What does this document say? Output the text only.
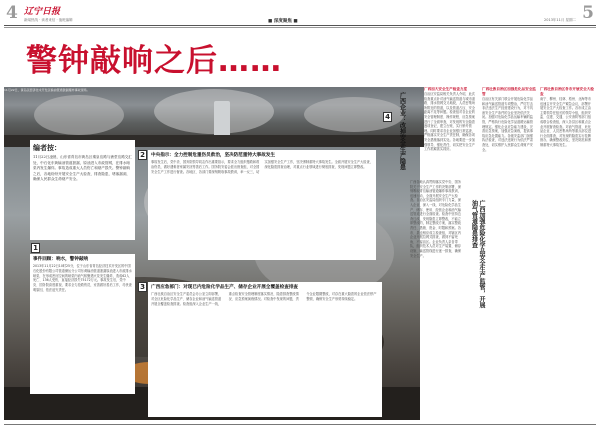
4 辽宁日报
新闻热线 · 读者来信 · 值班编辑	■ 深度聚焦 ■	2013年11月 星期二 5
警钟敲响之后……
11月22日，黄岛区经济技术开发区输油管道泄漏爆炸事故现场。
编者按：
11月22日凌晨，山东省青岛市黄岛区秦皇岛路与斋堂岛路交汇处，中石化东黄输油管道泄漏，原油进入市政管网，在排水暗渠内发生爆炸。事故造成重大人员伤亡和财产损失。警钟敲响之后，各地纷纷开展安全生产大检查，排查隐患，堵塞漏洞，确保人民群众生命财产安全。
1
事件回顾：响水，警钟敲响
2013年11月22日10时25分，位于山东省青岛经济技术开发区的中国石化股份有限公司管道储运分公司东黄输油管道泄漏原油进入市政排水暗渠，在形成密闭空间的暗渠内油气积聚遇火花发生爆炸，造成62人死亡、136人受伤，直接经济损失75172万元。事故发生后，党中央、国务院高度重视，要求全力抢救伤员，妥善做好善后工作，尽快查明原因，依法追究责任。
2	中央指示：全力控制危重伤员救治，坚决防范重特大事故发生
事故发生后，党中央、国务院领导同志作出重要指示，要求全力组织搜救和救治伤员，做好遇难者家属安抚等善后工作。国务院安委会派出督查组，对全国安全生产工作进行督查。各地区、各部门要深刻吸取事故教训，举一反三，切实加强安全生产工作，坚决遏制重特大事故发生。全面开展安全生产大检查，深化隐患排查治理，对重点行业领域进行彻底排查，发现问题立即整改。
3	广西应急部门：对现已内危险化学品生产、储存企业开展全覆盖检查排查
广西壮族自治区安全生产委员会办公室立即部署，对全区危险化学品生产、储存企业和油气输送管道开展全覆盖检查排查。检查组深入企业生产一线，重点检查安全管理制度落实情况、隐患排查整改情况、应急预案演练情况。对检查中发现的问题，责令企业限期整改，对存在重大隐患的企业依法停产整顿，确保安全生产形势持续稳定。
4	广西企业：改掉安全生产隐患
广西加强危险化学品安全生产监管，开展油气管道隐患排查
广西各地认真贯彻落实党中央、国务院关于安全生产工作的决策部署，深刻吸取青岛输油管道爆炸事故教训，迅速行动，全面开展安全生产大检查。自治区安监局组织专门力量，深入企业、深入一线，对危险化学品生产、储存、使用、经营企业和油气输送管道进行全面检查。检查中坚持边查边改，发现隐患立即整改，不能立即整改的，制定整改方案，落实整改责任、措施、资金、时限和预案。各市、县也相应成立检查组，对辖区内企业开展拉网式排查，做到不留死角、不留盲区。企业负责人亲自带队，组织技术人员对生产装置、储存设施、输送管线进行逐一排查，确保安全生产。
广西加大安全生产检查力度
自治区安监局相关负责人介绍，此次检查重点针对油气输送管道与城市道路、排水管网交叉地段，人员密集场所附近的管道，以及管道占压、安全距离不足等问题。检查组对各企业的安全管理制度、操作规程、应急预案进行了全面审查，对发现的安全隐患逐项登记，建立台账，实行销号管理。同时要求各企业加强日常巡查，严格落实安全生产责任制，确保各项安全措施落到实处。各地要进一步加强领导，强化责任，切实把安全生产工作抓紧抓实抓好。
广西壮族自治区加强危化品安全监管
自治区有关部门联合开展危险化学品和油气输送管道专项整治，严厉打击非法违法生产经营建设行为，对不具备安全生产条件的企业坚决依法关闭。加强对危险化学品运输车辆的监管，严格执行危险化学品道路运输管理规定。强化企业应急能力建设，完善应急预案，加强应急演练，提高事故应急处置能力。各级安监部门加强执法检查，对违法违规行为依法严肃查处，切实维护人民群众生命财产安全。
广西壮族自治区各市开展安全大检查
南宁、柳州、桂林、梧州、北海等市迅速召开安全生产紧急会议，部署开展安全生产大检查工作。各市成立由主要领导任组长的领导小组，组织安监、住建、交通、公安消防等部门组成联合检查组，深入各县区和重点企业开展督查检查。对油气管道、危化品企业、人员密集场所等重点部位进行全面排查，对发现的隐患实行挂牌督办，确保整改到位，坚决防范和遏制重特大事故发生。
